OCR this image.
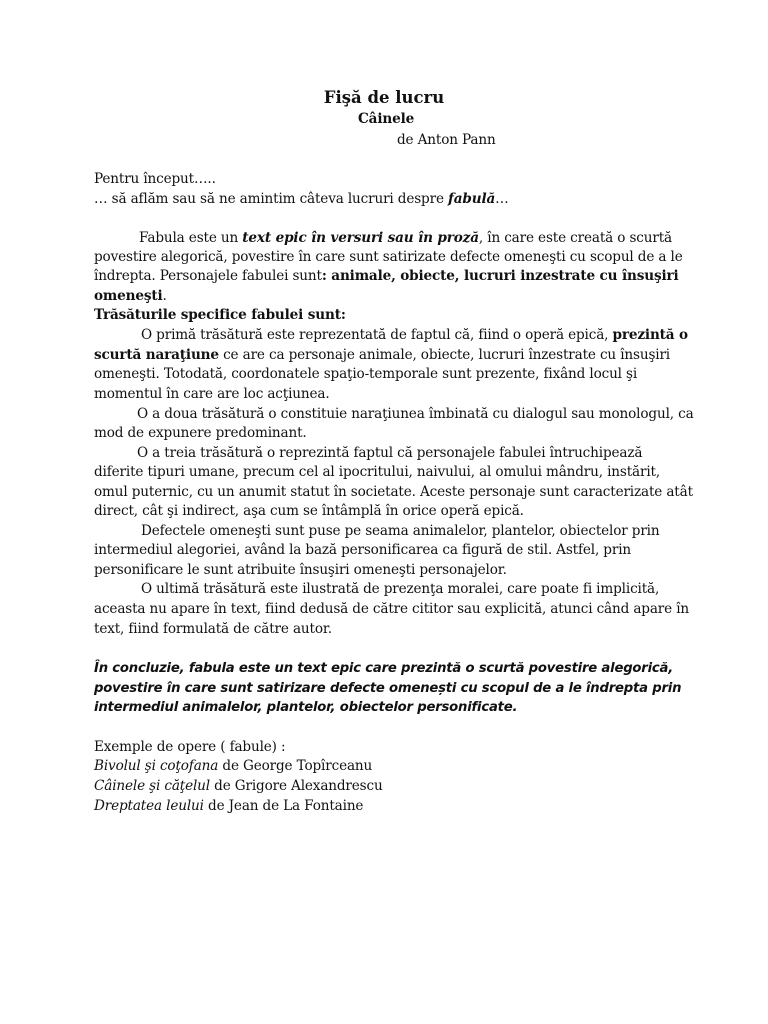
Fişă de lucru
Câinele
de Anton Pann
Pentru început…..
… să aflăm sau să ne amintim câteva lucruri despre fabulă…
Fabula este un text epic în versuri sau în proză, în care este creată o scurtă
povestire alegorică, povestire în care sunt satirizate defecte omeneşti cu scopul de a le
îndrepta. Personajele fabulei sunt: animale, obiecte, lucruri inzestrate cu însuşiri
omeneşti.
Trăsăturile specifice fabulei sunt:
O primă trăsătură este reprezentată de faptul că, fiind o operă epică, prezintă o
scurtă naraţiune ce are ca personaje animale, obiecte, lucruri înzestrate cu însuşiri
omeneşti. Totodată, coordonatele spaţio-temporale sunt prezente, fixând locul şi
momentul în care are loc acţiunea.
O a doua trăsătură o constituie naraţiunea îmbinată cu dialogul sau monologul, ca
mod de expunere predominant.
O a treia trăsătură o reprezintă faptul că personajele fabulei întruchipează
diferite tipuri umane, precum cel al ipocritului, naivului, al omului mândru, instărit,
omul puternic, cu un anumit statut în societate. Aceste personaje sunt caracterizate atât
direct, cât şi indirect, aşa cum se întâmplă în orice operă epică.
Defectele omeneşti sunt puse pe seama animalelor, plantelor, obiectelor prin
intermediul alegoriei, având la bază personificarea ca figură de stil. Astfel, prin
personificare le sunt atribuite însuşiri omeneşti personajelor.
O ultimă trăsătură este ilustrată de prezenţa moralei, care poate fi implicită,
aceasta nu apare în text, fiind dedusă de către cititor sau explicită, atunci când apare în
text, fiind formulată de către autor.
În concluzie, fabula este un text epic care prezintă o scurtă povestire alegorică,
povestire în care sunt satirizare defecte omenești cu scopul de a le îndrepta prin
intermediul animalelor, plantelor, obiectelor personificate.
Exemple de opere ( fabule) :
Bivolul şi coţofana de George Topîrceanu
Câinele şi căţelul de Grigore Alexandrescu
Dreptatea leului de Jean de La Fontaine
